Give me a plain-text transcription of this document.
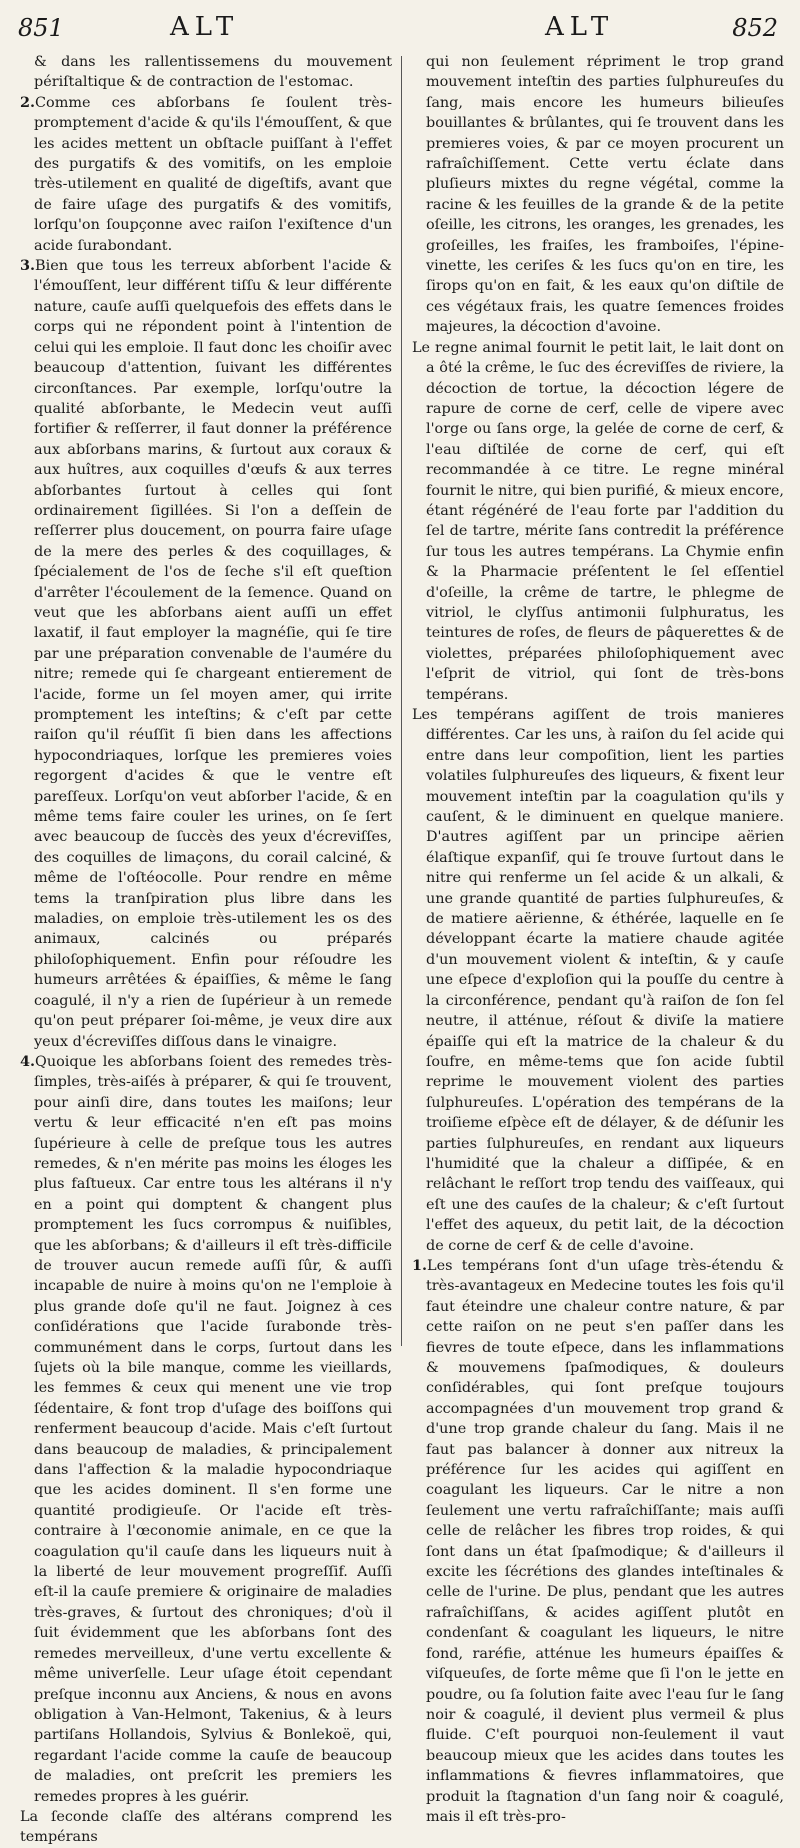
851	ALT	ALT	852

& dans les rallentissemens du mouvement périſtaltique & de contraction de l'estomac.

2.Comme ces abſorbans ſe ſoulent très-promptement d'acide & qu'ils l'émouſſent, & que les acides mettent un obſtacle puiſſant à l'effet des purgatifs & des vomitifs, on les emploie très-utilement en qualité de digeſtifs, avant que de faire uſage des purgatifs & des vomitifs, lorſqu'on ſoupçonne avec raiſon l'exiſtence d'un acide ſurabondant.

3.Bien que tous les terreux abſorbent l'acide & l'émouſſent, leur différent tiſſu & leur différente nature, cauſe auſſi quelquefois des effets dans le corps qui ne répondent point à l'intention de celui qui les emploie. Il faut donc les choiſir avec beaucoup d'attention, ſuivant les différentes circonſtances. Par exemple, lorſqu'outre la qualité abſorbante, le Medecin veut auſſi fortifier & reſſerrer, il faut donner la préférence aux abſorbans marins, & ſurtout aux coraux & aux huîtres, aux coquilles d'œufs & aux terres abſorbantes ſurtout à celles qui ſont ordinairement ſigillées. Si l'on a deſſein de reſſerrer plus doucement, on pourra faire uſage de la mere des perles & des coquillages, & ſpécialement de l'os de ſeche s'il eſt queſtion d'arrêter l'écoulement de la ſemence. Quand on veut que les abſorbans aient auſſi un effet laxatif, il faut employer la magnéſie, qui ſe tire par une préparation convenable de l'aumére du nitre; remede qui ſe chargeant entierement de l'acide, forme un ſel moyen amer, qui irrite promptement les inteſtins; & c'eſt par cette raiſon qu'il réuſſit ſi bien dans les affections hypocondriaques, lorſque les premieres voies regorgent d'acides & que le ventre eſt pareſſeux. Lorſqu'on veut abſorber l'acide, & en même tems faire couler les urines, on ſe ſert avec beaucoup de ſuccès des yeux d'écreviſſes, des coquilles de limaçons, du corail calciné, & même de l'oſtéocolle. Pour rendre en même tems la tranſpiration plus libre dans les maladies, on emploie très-utilement les os des animaux, calcinés ou préparés philoſophiquement. Enfin pour réſoudre les humeurs arrêtées & épaiſſies, & même le ſang coagulé, il n'y a rien de ſupérieur à un remede qu'on peut préparer ſoi-même, je veux dire aux yeux d'écreviſſes diſſous dans le vinaigre.

4.Quoique les abſorbans ſoient des remedes très-ſimples, très-aiſés à préparer, & qui ſe trouvent, pour ainſi dire, dans toutes les maiſons; leur vertu & leur efficacité n'en eſt pas moins ſupérieure à celle de preſque tous les autres remedes, & n'en mérite pas moins les éloges les plus faſtueux. Car entre tous les altérans il n'y en a point qui domptent & changent plus promptement les ſucs corrompus & nuiſibles, que les abſorbans; & d'ailleurs il eſt très-difficile de trouver aucun remede auſſi ſûr, & auſſi incapable de nuire à moins qu'on ne l'emploie à plus grande doſe qu'il ne faut. Joignez à ces conſidérations que l'acide ſurabonde très-communément dans le corps, ſurtout dans les ſujets où la bile manque, comme les vieillards, les femmes & ceux qui menent une vie trop ſédentaire, & font trop d'uſage des boiſſons qui renferment beaucoup d'acide. Mais c'eſt ſurtout dans beaucoup de maladies, & principalement dans l'affection & la maladie hypocondriaque que les acides dominent. Il s'en forme une quantité prodigieuſe. Or l'acide eſt très-contraire à l'œconomie animale, en ce que la coagulation qu'il cauſe dans les liqueurs nuit à la liberté de leur mouvement progreſſif. Auſſi eſt-il la cauſe premiere & originaire de maladies très-graves, & ſurtout des chroniques; d'où il ſuit évidemment que les abſorbans ſont des remedes merveilleux, d'une vertu excellente & même univerſelle. Leur uſage étoit cependant preſque inconnu aux Anciens, & nous en avons obligation à Van-Helmont, Takenius, & à leurs partiſans Hollandois, Sylvius & Bonlekoë, qui, regardant l'acide comme la cauſe de beaucoup de maladies, ont preſcrit les premiers les remedes propres à les guérir.

La ſeconde claſſe des altérans comprend les tempérans

qui non ſeulement répriment le trop grand mouvement inteſtin des parties ſulphureuſes du ſang, mais encore les humeurs bilieuſes bouillantes & brûlantes, qui ſe trouvent dans les premieres voies, & par ce moyen procurent un rafraîchiſſement. Cette vertu éclate dans pluſieurs mixtes du regne végétal, comme la racine & les feuilles de la grande & de la petite oſeille, les citrons, les oranges, les grenades, les groſeilles, les fraiſes, les framboiſes, l'épine-vinette, les ceriſes & les ſucs qu'on en tire, les ſirops qu'on en fait, & les eaux qu'on diſtile de ces végétaux frais, les quatre ſemences froides majeures, la décoction d'avoine.

Le regne animal fournit le petit lait, le lait dont on a ôté la crême, le ſuc des écreviſſes de riviere, la décoction de tortue, la décoction légere de rapure de corne de cerf, celle de vipere avec l'orge ou ſans orge, la gelée de corne de cerf, & l'eau diſtilée de corne de cerf, qui eſt recommandée à ce titre. Le regne minéral fournit le nitre, qui bien purifié, & mieux encore, étant régénéré de l'eau forte par l'addition du ſel de tartre, mérite ſans contredit la préférence ſur tous les autres tempérans. La Chymie enfin & la Pharmacie préſentent le ſel eſſentiel d'oſeille, la crême de tartre, le phlegme de vitriol, le clyſſus antimonii ſulphuratus, les teintures de roſes, de fleurs de pâquerettes & de violettes, préparées philoſophiquement avec l'eſprit de vitriol, qui ſont de très-bons tempérans.

Les tempérans agiſſent de trois manieres différentes. Car les uns, à raiſon du ſel acide qui entre dans leur compoſition, lient les parties volatiles ſulphureuſes des liqueurs, & fixent leur mouvement inteſtin par la coagulation qu'ils y cauſent, & le diminuent en quelque maniere. D'autres agiſſent par un principe aërien élaſtique expanſif, qui ſe trouve ſurtout dans le nitre qui renferme un ſel acide & un alkali, & une grande quantité de parties ſulphureuſes, & de matiere aërienne, & éthérée, laquelle en ſe développant écarte la matiere chaude agitée d'un mouvement violent & inteſtin, & y cauſe une eſpece d'exploſion qui la pouſſe du centre à la circonférence, pendant qu'à raiſon de ſon ſel neutre, il atténue, réſout & diviſe la matiere épaiſſe qui eſt la matrice de la chaleur & du ſoufre, en même-tems que ſon acide ſubtil reprime le mouvement violent des parties ſulphureuſes. L'opération des tempérans de la troiſieme eſpèce eſt de délayer, & de déſunir les parties ſulphureuſes, en rendant aux liqueurs l'humidité que la chaleur a diſſipée, & en relâchant le reſſort trop tendu des vaiſſeaux, qui eſt une des cauſes de la chaleur; & c'eſt ſurtout l'effet des aqueux, du petit lait, de la décoction de corne de cerf & de celle d'avoine.

1.Les tempérans ſont d'un uſage très-étendu & très-avantageux en Medecine toutes les fois qu'il faut éteindre une chaleur contre nature, & par cette raiſon on ne peut s'en paſſer dans les fievres de toute eſpece, dans les inflammations & mouvemens ſpaſmodiques, & douleurs conſidérables, qui ſont preſque toujours accompagnées d'un mouvement trop grand & d'une trop grande chaleur du ſang. Mais il ne faut pas balancer à donner aux nitreux la préférence ſur les acides qui agiſſent en coagulant les liqueurs. Car le nitre a non ſeulement une vertu rafraîchiſſante; mais auſſi celle de relâcher les fibres trop roides, & qui ſont dans un état ſpaſmodique; & d'ailleurs il excite les ſécrétions des glandes inteſtinales & celle de l'urine. De plus, pendant que les autres rafraîchiſſans, & acides agiſſent plutôt en condenſant & coagulant les liqueurs, le nitre fond, raréfie, atténue les humeurs épaiſſes & viſqueuſes, de ſorte même que ſi l'on le jette en poudre, ou ſa ſolution faite avec l'eau ſur le ſang noir & coagulé, il devient plus vermeil & plus fluide. C'eſt pourquoi non-ſeulement il vaut beaucoup mieux que les acides dans toutes les inflammations & fievres inflammatoires, que produit la ſtagnation d'un ſang noir & coagulé, mais il eſt très-pro-
